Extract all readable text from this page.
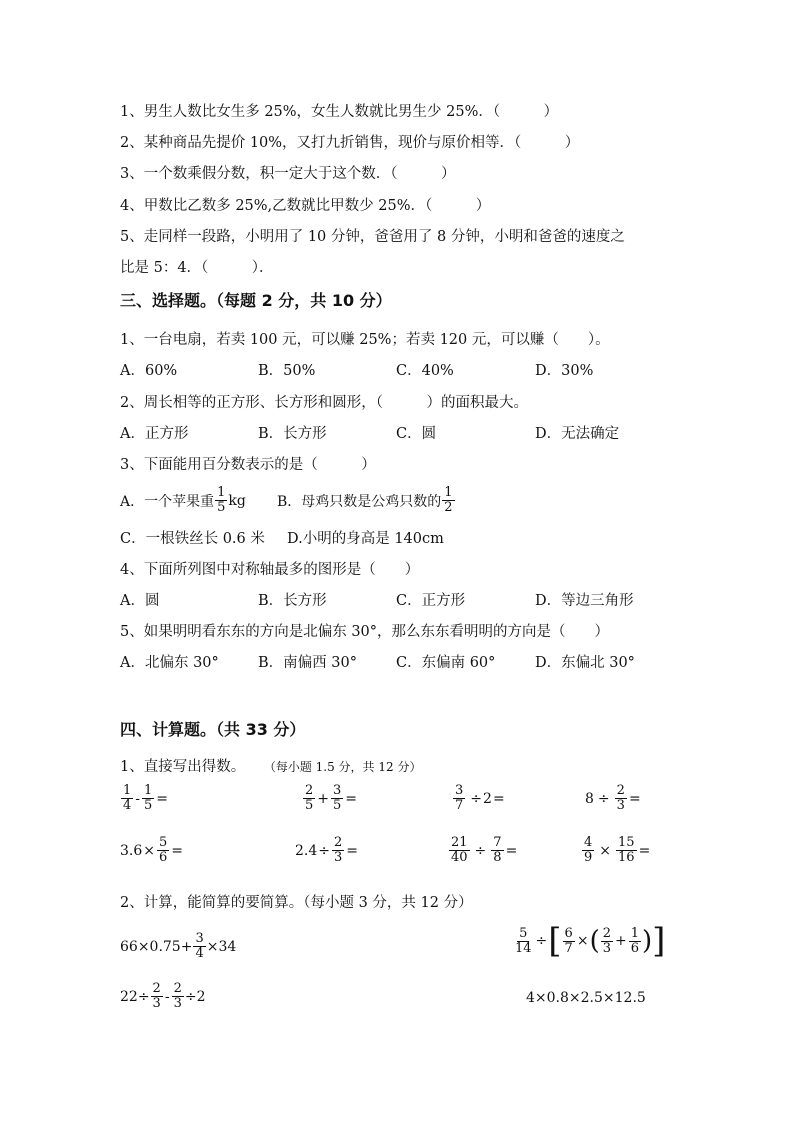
1、男生人数比女生多 25%，女生人数就比男生少 25%．（　　　）
2、某种商品先提价 10%，又打九折销售，现价与原价相等．（　　　）
3、一个数乘假分数，积一定大于这个数．（　　　）
4、甲数比乙数多 25%,乙数就比甲数少 25%．（　　　）
5、走同样一段路，小明用了 10 分钟，爸爸用了 8 分钟，小明和爸爸的速度之
比是 5：4．（　　　）．
三、选择题。（每题 2 分，共 10 分）
1、一台电扇，若卖 100 元，可以赚 25%；若卖 120 元，可以赚（　　）。
A．60%	B．50%	C．40%	D．30%
2、周长相等的正方形、长方形和圆形，（　　　）的面积最大。
A．正方形	B．长方形	C．圆	D．无法确定
3、下面能用百分数表示的是（　　　）
A．一个苹果重 $\frac{1}{5}$ kg B．母鸡只数是公鸡只数的 $\frac{1}{2}$
C．一根铁丝长 0.6 米 D.小明的身高是 140cm
4、下面所列图中对称轴最多的图形是（　　）
A．圆	B．长方形	C．正方形	D．等边三角形
5、如果明明看东东的方向是北偏东 30°，那么东东看明明的方向是（　　）
A．北偏东 30°	B．南偏西 30°	C．东偏南 60°	D．东偏北 30°
四、计算题。（共 33 分）
1、直接写出得数。 （每小题 1.5 分，共 12 分）
$\frac{1}{4} - \frac{1}{5}$ =	$\frac{2}{5} + \frac{3}{5}$ =	$\frac{3}{7} \div 2$ =	$8 \div \frac{2}{3}$ =
$3.6 \times \frac{5}{6}$ =	$2.4 \div \frac{2}{3}$ =	$\frac{21}{40} \div \frac{7}{8}$ =	$\frac{4}{9} \times \frac{15}{16}$ =
2、计算，能简算的要简算。（每小题 3 分，共 12 分）
$66\times 0.75+ \frac{3}{4} \times 34$	$\frac{5}{14}$ ÷ [ $\frac{6}{7}$ × ( $\frac{2}{3} + \frac{1}{6}$ ) ]
$22\div \frac{2}{3} - \frac{2}{3} \div 2$	4×0.8×2.5×12.5
